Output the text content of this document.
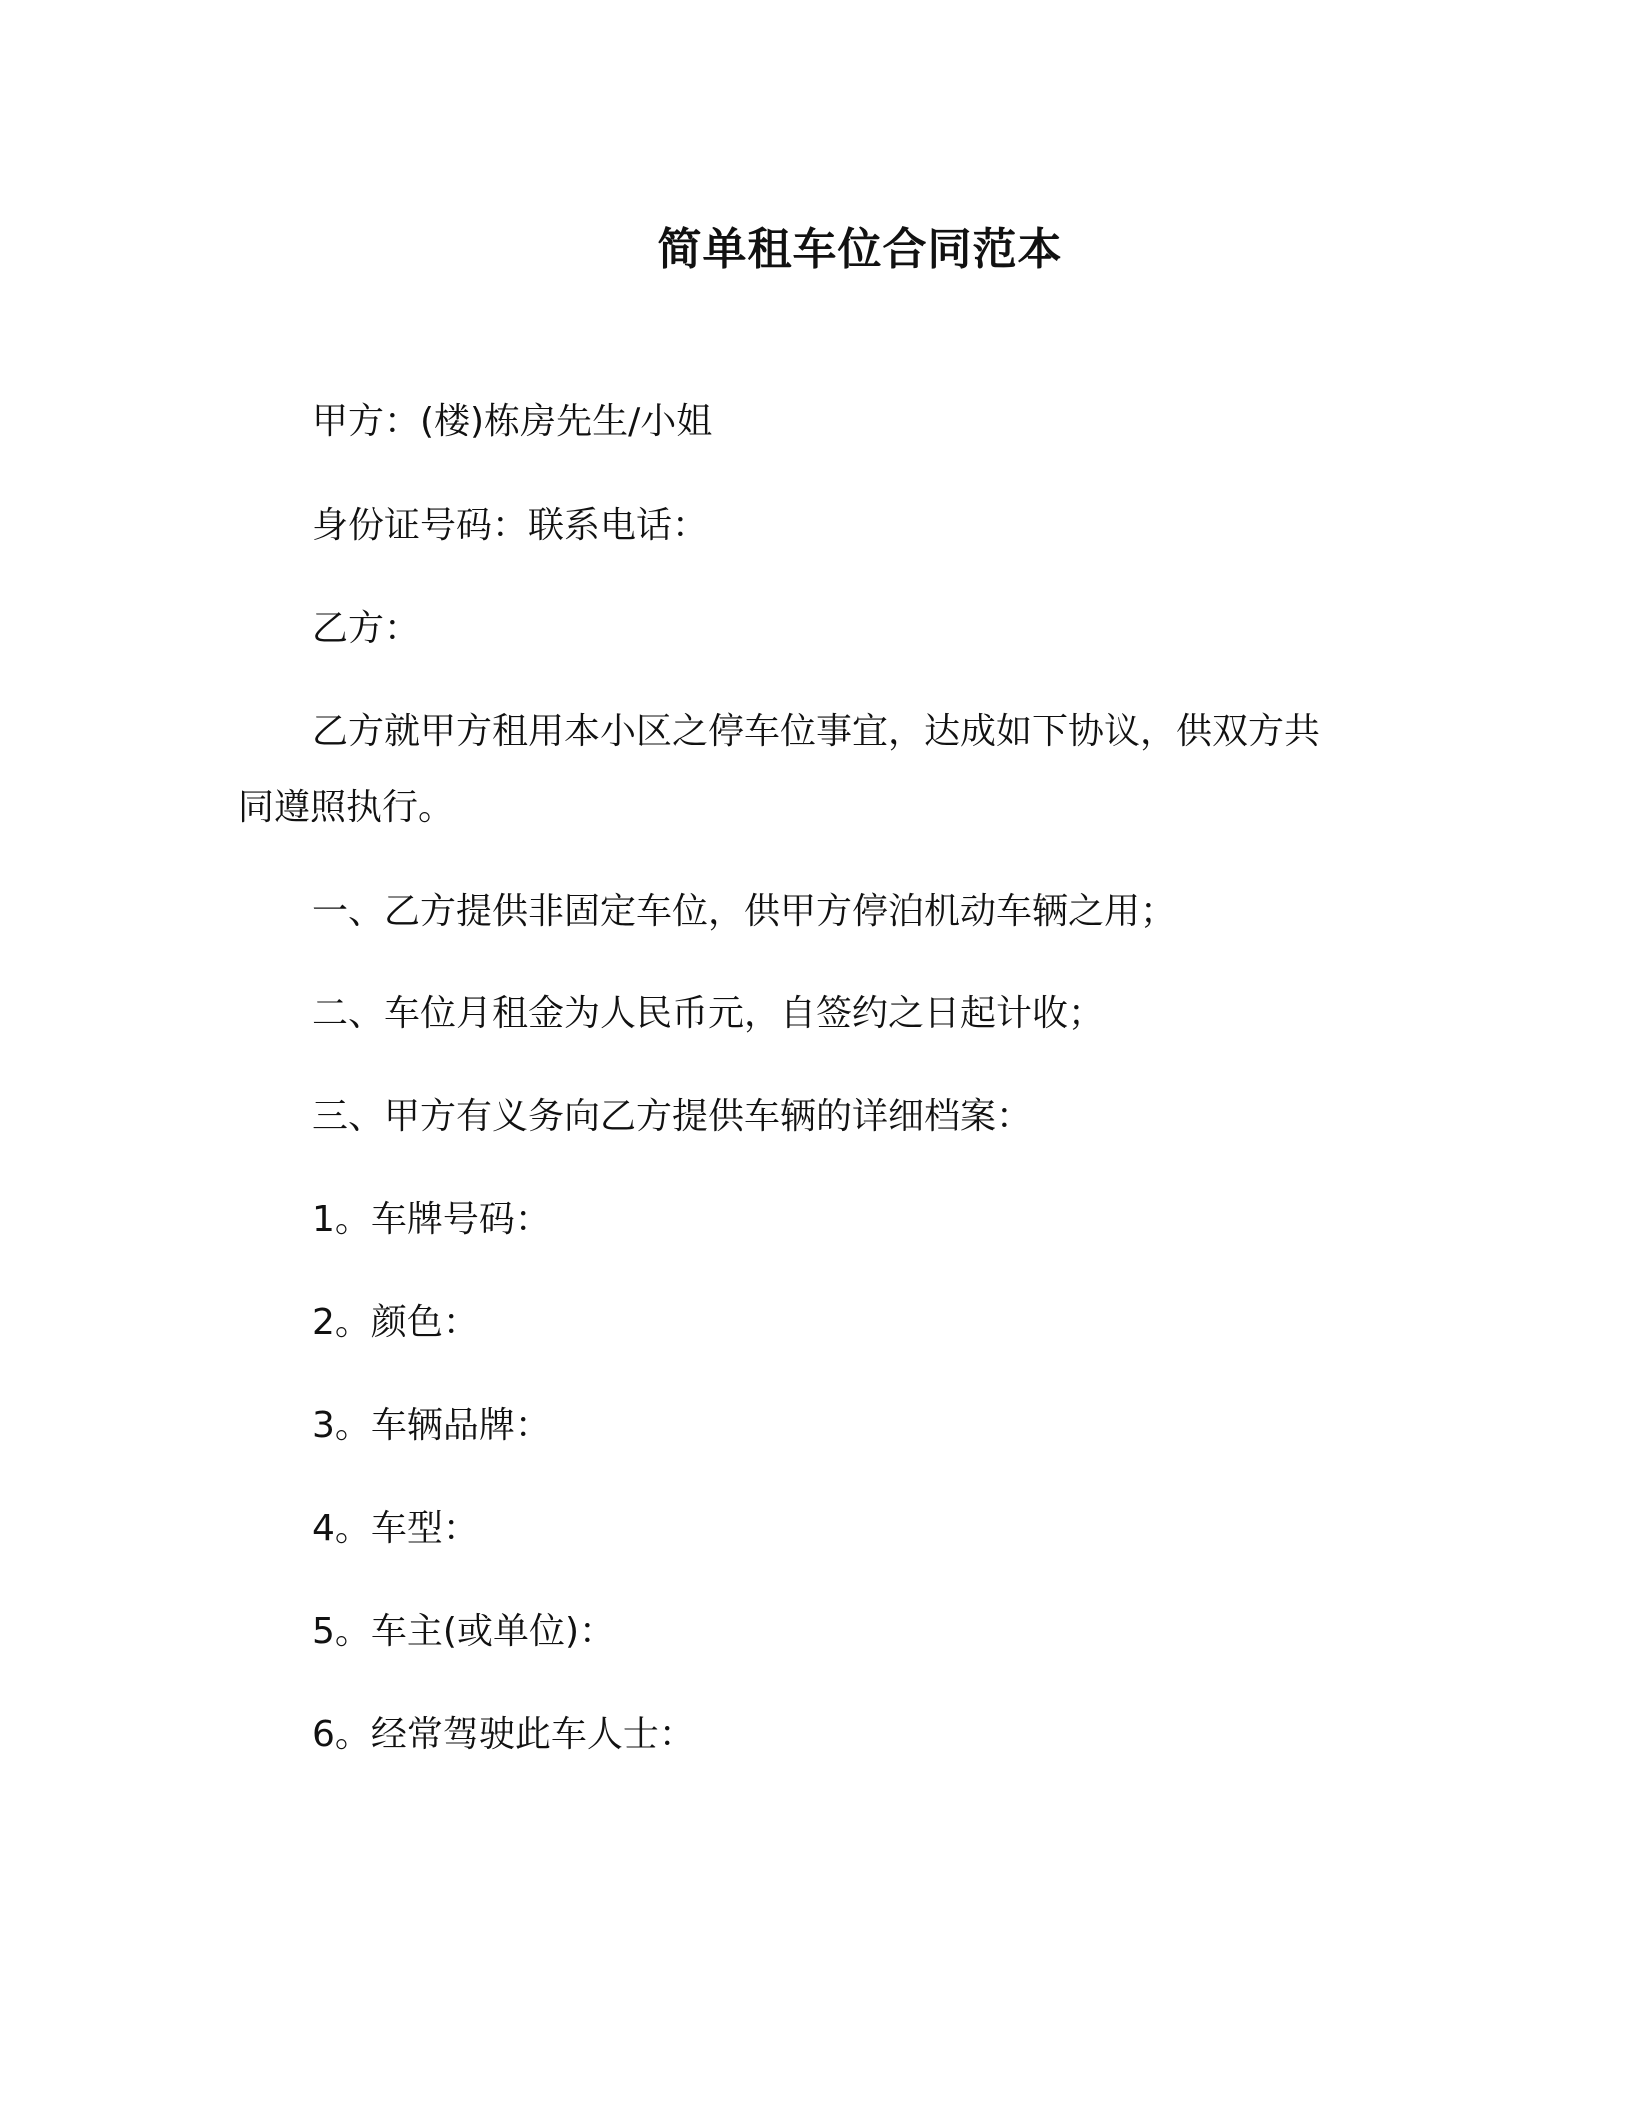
简单租车位合同范本
甲方：(楼)栋房先生/小姐
身份证号码：联系电话：
乙方：
乙方就甲方租用本小区之停车位事宜，达成如下协议，供双方共
同遵照执行。
一、乙方提供非固定车位，供甲方停泊机动车辆之用；
二、车位月租金为人民币元，自签约之日起计收；
三、甲方有义务向乙方提供车辆的详细档案：
1。车牌号码：
2。颜色：
3。车辆品牌：
4。车型：
5。车主(或单位)：
6。经常驾驶此车人士：
